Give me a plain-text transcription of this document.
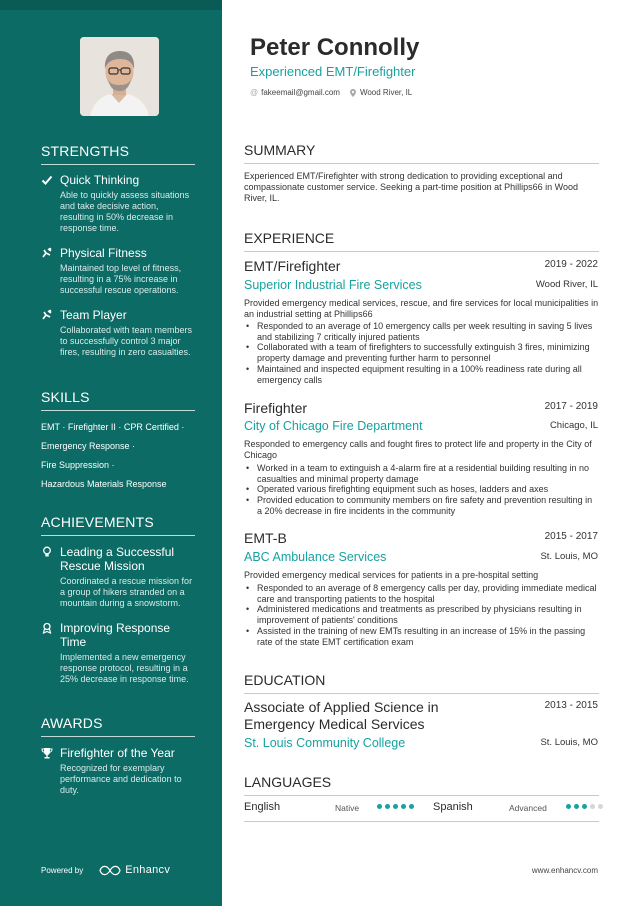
STRENGTHS
Quick Thinking
Able to quickly assess situations and take decisive action, resulting in 50% decrease in response time.
Physical Fitness
Maintained top level of fitness, resulting in a 75% increase in successful rescue operations.
Team Player
Collaborated with team members to successfully control 3 major fires, resulting in zero casualties.
SKILLS
EMT · Firefighter II · CPR Certified ·
Emergency Response ·
Fire Suppression ·
Hazardous Materials Response
ACHIEVEMENTS
Leading a Successful Rescue Mission
Coordinated a rescue mission for a group of hikers stranded on a mountain during a snowstorm.
Improving Response Time
Implemented a new emergency response protocol, resulting in a 25% decrease in response time.
AWARDS
Firefighter of the Year
Recognized for exemplary performance and dedication to duty.
Powered by	Enhancv
Peter Connolly
Experienced EMT/Firefighter
@ fakeemail@gmail.com	Wood River, IL
SUMMARY
Experienced EMT/Firefighter with strong dedication to providing exceptional and compassionate customer service. Seeking a part-time position at Phillips66 in Wood River, IL.
EXPERIENCE
EMT/Firefighter	2019 - 2022
Superior Industrial Fire Services	Wood River, IL
Provided emergency medical services, rescue, and fire services for local municipalities in an industrial setting at Phillips66
• Responded to an average of 10 emergency calls per week resulting in saving 5 lives and stabilizing 7 critically injured patients
• Collaborated with a team of firefighters to successfully extinguish 3 fires, minimizing property damage and preventing further harm to personnel
• Maintained and inspected equipment resulting in a 100% readiness rate during all emergency calls
Firefighter	2017 - 2019
City of Chicago Fire Department	Chicago, IL
Responded to emergency calls and fought fires to protect life and property in the City of Chicago
• Worked in a team to extinguish a 4-alarm fire at a residential building resulting in no casualties and minimal property damage
• Operated various firefighting equipment such as hoses, ladders and axes
• Provided education to community members on fire safety and prevention resulting in a 20% decrease in fire incidents in the community
EMT-B	2015 - 2017
ABC Ambulance Services	St. Louis, MO
Provided emergency medical services for patients in a pre-hospital setting
• Responded to an average of 8 emergency calls per day, providing immediate medical care and transporting patients to the hospital
• Administered medications and treatments as prescribed by physicians resulting in improvement of patients' conditions
• Assisted in the training of new EMTs resulting in an increase of 15% in the passing rate of the state EMT certification exam
EDUCATION
Associate of Applied Science in Emergency Medical Services
2013 - 2015
St. Louis Community College	St. Louis, MO
LANGUAGES
English	Native	Spanish	Advanced
www.enhancv.com
